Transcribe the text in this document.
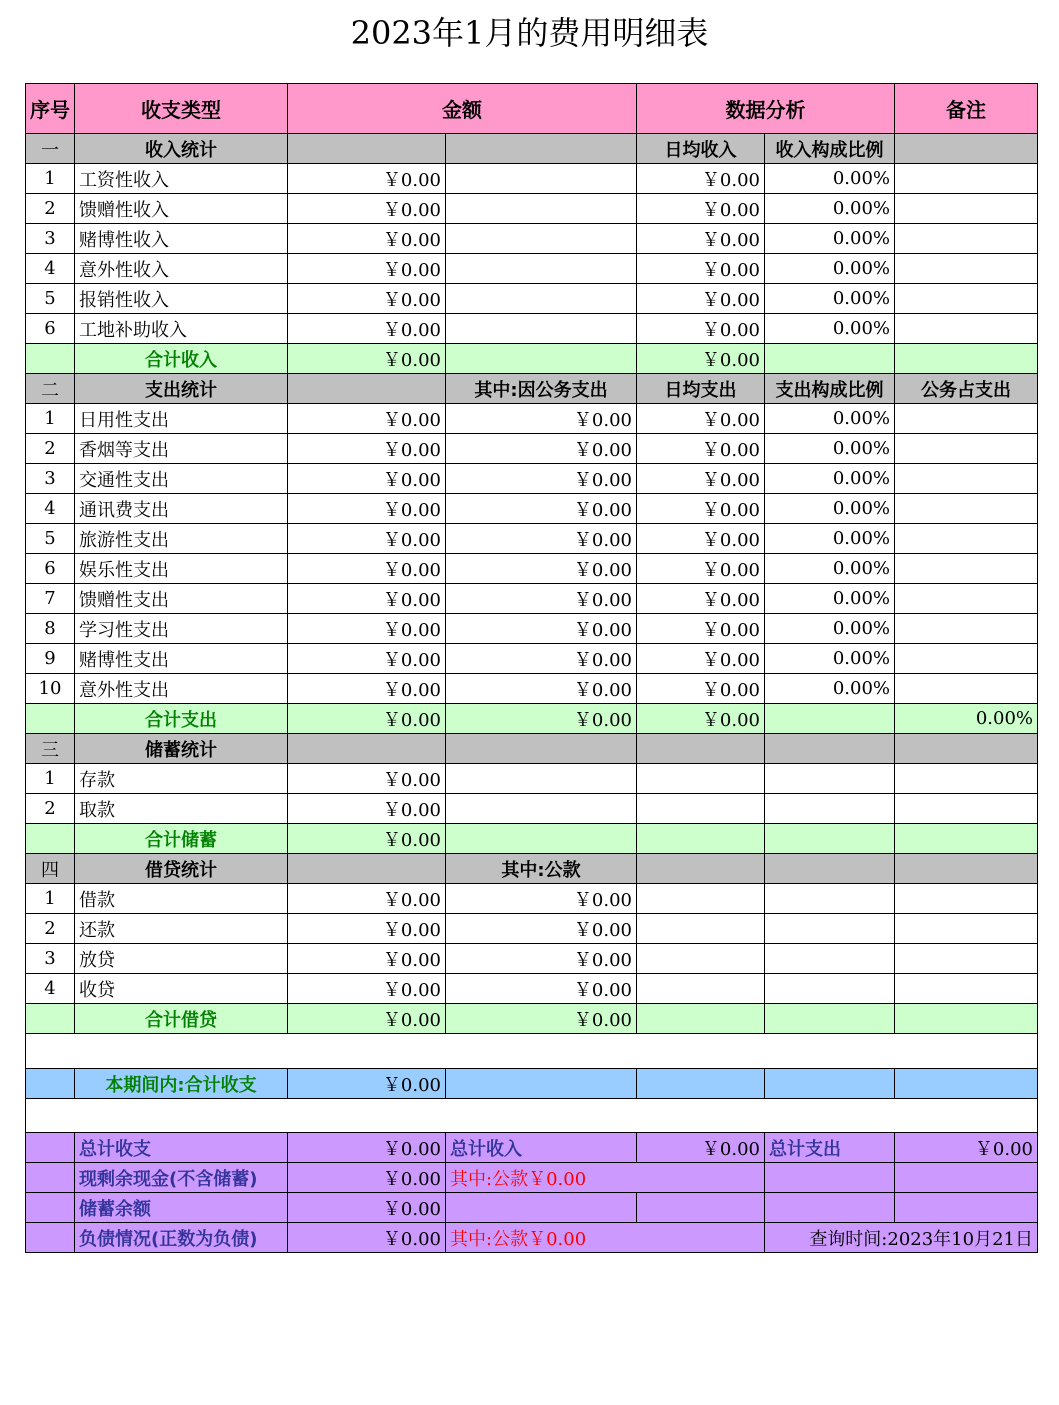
2023年1月的费用明细表
序号	收支类型	金额		数据分析		备注
一	收入统计			日均收入	收入构成比例	
1	工资性收入	￥0.00		￥0.00	0.00%	
2	馈赠性收入	￥0.00		￥0.00	0.00%	
3	赌博性收入	￥0.00		￥0.00	0.00%	
4	意外性收入	￥0.00		￥0.00	0.00%	
5	报销性收入	￥0.00		￥0.00	0.00%	
6	工地补助收入	￥0.00		￥0.00	0.00%	
	合计收入	￥0.00		￥0.00		
二	支出统计		其中:因公务支出	日均支出	支出构成比例	公务占支出
1	日用性支出	￥0.00	￥0.00	￥0.00	0.00%	
2	香烟等支出	￥0.00	￥0.00	￥0.00	0.00%	
3	交通性支出	￥0.00	￥0.00	￥0.00	0.00%	
4	通讯费支出	￥0.00	￥0.00	￥0.00	0.00%	
5	旅游性支出	￥0.00	￥0.00	￥0.00	0.00%	
6	娱乐性支出	￥0.00	￥0.00	￥0.00	0.00%	
7	馈赠性支出	￥0.00	￥0.00	￥0.00	0.00%	
8	学习性支出	￥0.00	￥0.00	￥0.00	0.00%	
9	赌博性支出	￥0.00	￥0.00	￥0.00	0.00%	
10	意外性支出	￥0.00	￥0.00	￥0.00	0.00%	
	合计支出	￥0.00	￥0.00	￥0.00		0.00%
三	储蓄统计					
1	存款	￥0.00				
2	取款	￥0.00				
	合计储蓄	￥0.00				
四	借贷统计		其中:公款			
1	借款	￥0.00	￥0.00			
2	还款	￥0.00	￥0.00			
3	放贷	￥0.00	￥0.00			
4	收贷	￥0.00	￥0.00			
	合计借贷	￥0.00	￥0.00			

	本期间内:合计收支	￥0.00				

	总计收支	￥0.00	总计收入	￥0.00	总计支出	￥0.00
	现剩余现金(不含储蓄)	￥0.00	其中:公款￥0.00			
	储蓄余额	￥0.00				
	负债情况(正数为负债)	￥0.00	其中:公款￥0.00		查询时间:2023年10月21日	
